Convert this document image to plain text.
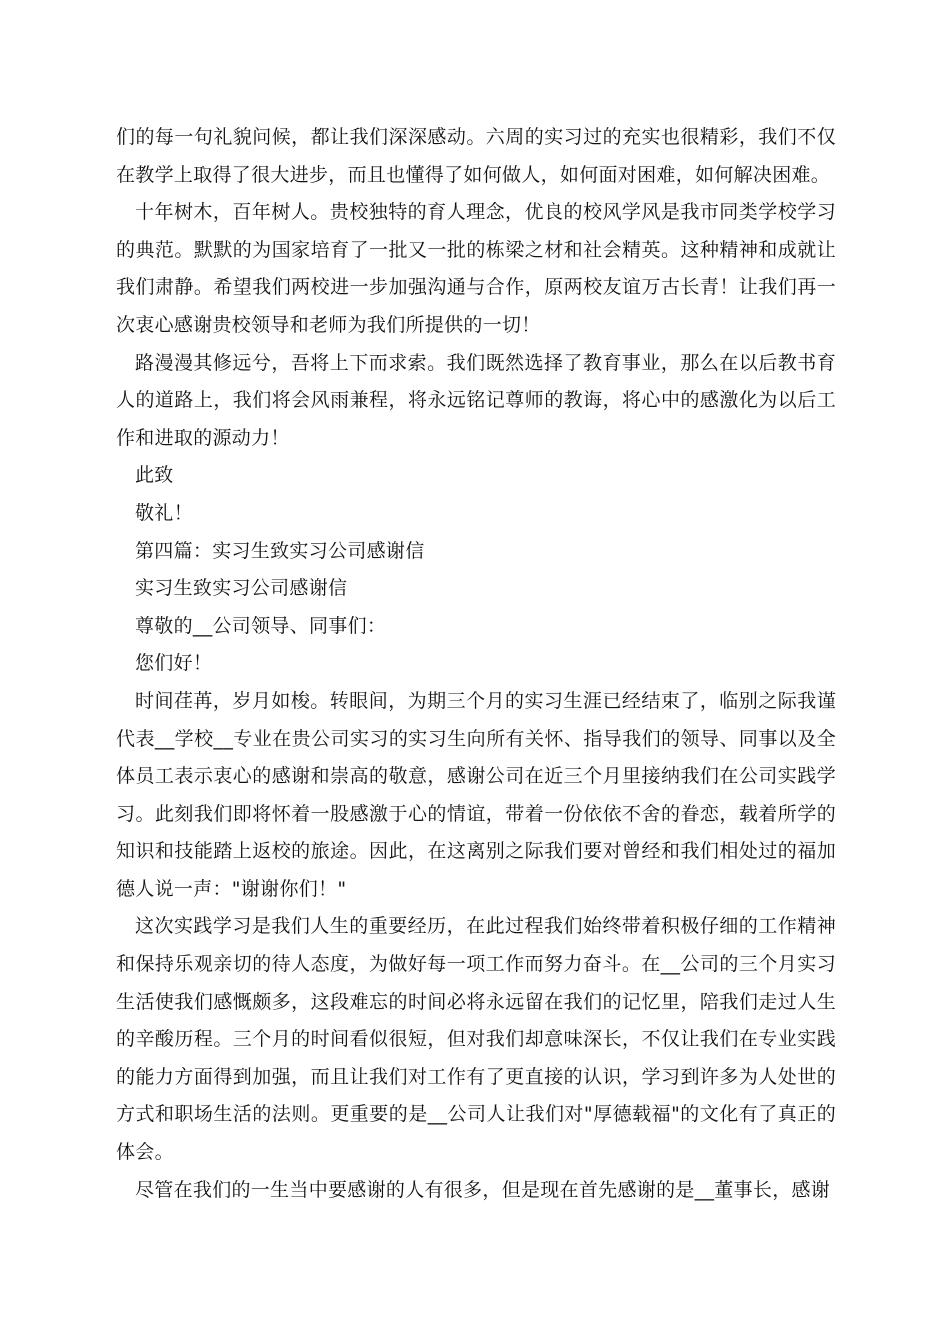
们的每一句礼貌问候，都让我们深深感动。六周的实习过的充实也很精彩，我们不仅在教学上取得了很大进步，而且也懂得了如何做人，如何面对困难，如何解决困难。

十年树木，百年树人。贵校独特的育人理念，优良的校风学风是我市同类学校学习的典范。默默的为国家培育了一批又一批的栋梁之材和社会精英。这种精神和成就让我们肃静。希望我们两校进一步加强沟通与合作，原两校友谊万古长青！让我们再一次衷心感谢贵校领导和老师为我们所提供的一切！

路漫漫其修远兮，吾将上下而求索。我们既然选择了教育事业，那么在以后教书育人的道路上，我们将会风雨兼程，将永远铭记尊师的教诲，将心中的感激化为以后工作和进取的源动力！

此致

敬礼！

第四篇：实习生致实习公司感谢信

实习生致实习公司感谢信

尊敬的__公司领导、同事们：

您们好！

时间荏苒，岁月如梭。转眼间，为期三个月的实习生涯已经结束了，临别之际我谨代表__学校__专业在贵公司实习的实习生向所有关怀、指导我们的领导、同事以及全体员工表示衷心的感谢和崇高的敬意，感谢公司在近三个月里接纳我们在公司实践学习。此刻我们即将怀着一股感激于心的情谊，带着一份依依不舍的眷恋，载着所学的知识和技能踏上返校的旅途。因此，在这离别之际我们要对曾经和我们相处过的福加德人说一声："谢谢你们！"

这次实践学习是我们人生的重要经历，在此过程我们始终带着积极仔细的工作精神和保持乐观亲切的待人态度，为做好每一项工作而努力奋斗。在__公司的三个月实习生活使我们感慨颇多，这段难忘的时间必将永远留在我们的记忆里，陪我们走过人生的辛酸历程。三个月的时间看似很短，但对我们却意味深长，不仅让我们在专业实践的能力方面得到加强，而且让我们对工作有了更直接的认识，学习到许多为人处世的方式和职场生活的法则。更重要的是__公司人让我们对"厚德载福"的文化有了真正的体会。

尽管在我们的一生当中要感谢的人有很多，但是现在首先感谢的是__董事长，感谢
